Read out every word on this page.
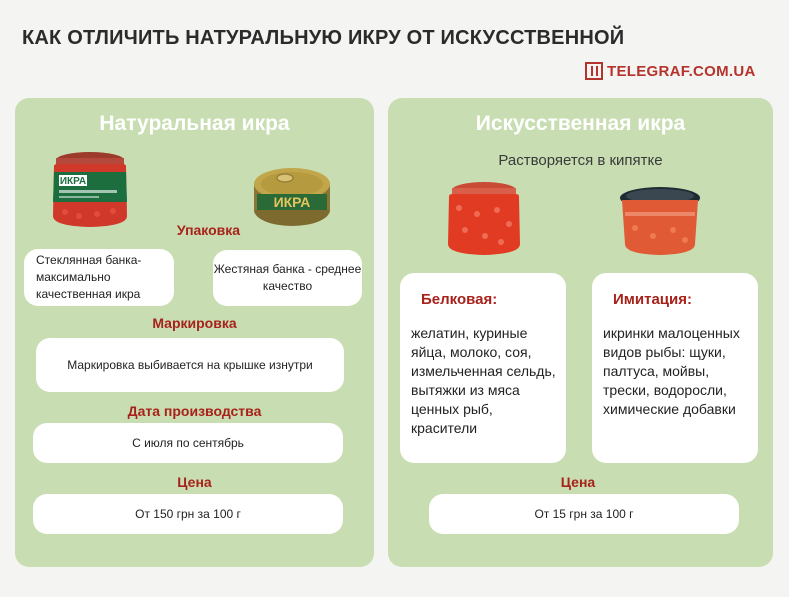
КАК ОТЛИЧИТЬ НАТУРАЛЬНУЮ ИКРУ ОТ ИСКУССТВЕННОЙ
TELEGRAF.COM.UA
Натуральная икра
ИКРА
ИКРА
Упаковка
Стеклянная банка-максимально качественная икра
Жестяная банка - среднее качество
Маркировка
Маркировка выбивается на крышке изнутри
Дата производства
С июля по сентябрь
Цена
От 150 грн за 100 г
Искусственная икра
Растворяется в кипятке
Белковая:
желатин, куриные яйца, молоко, соя, измельченная сельдь, вытяжки из мяса ценных рыб, красители
Имитация:
икринки малоценных видов рыбы: щуки, палтуса, мойвы, трески, водоросли, химические добавки
Цена
От 15 грн за 100 г
